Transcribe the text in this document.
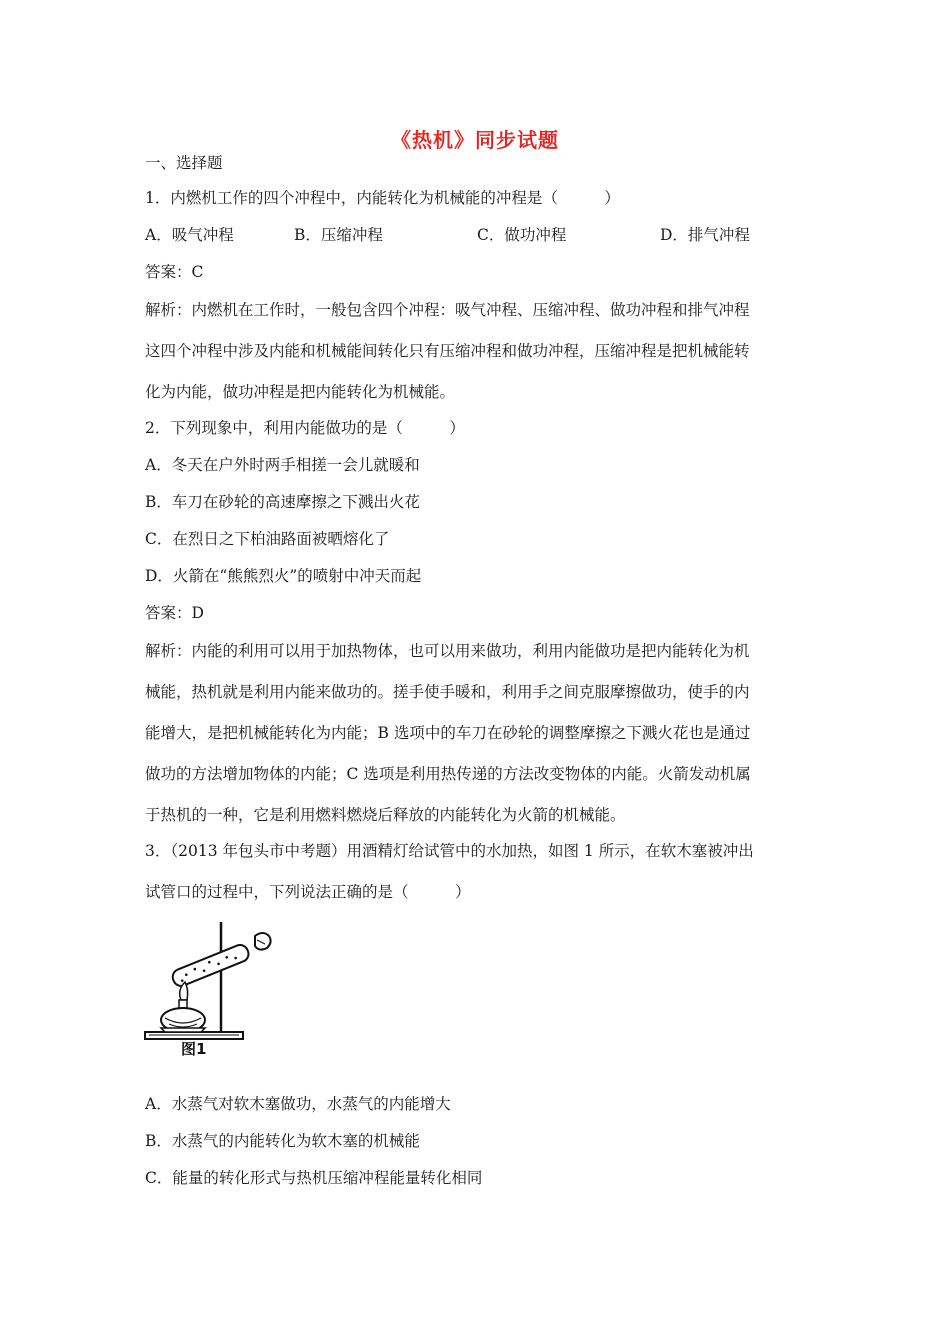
《热机》同步试题
一、选择题
1．内燃机工作的四个冲程中，内能转化为机械能的冲程是（　　　）
A．吸气冲程	B．压缩冲程	C．做功冲程	D．排气冲程
答案：C
解析：内燃机在工作时，一般包含四个冲程：吸气冲程、压缩冲程、做功冲程和排气冲程
这四个冲程中涉及内能和机械能间转化只有压缩冲程和做功冲程，压缩冲程是把机械能转
化为内能，做功冲程是把内能转化为机械能。
2．下列现象中，利用内能做功的是（　　　）
A．冬天在户外时两手相搓一会儿就暖和
B．车刀在砂轮的高速摩擦之下溅出火花
C．在烈日之下柏油路面被晒熔化了
D．火箭在“熊熊烈火”的喷射中冲天而起
答案：D
解析：内能的利用可以用于加热物体，也可以用来做功，利用内能做功是把内能转化为机
械能，热机就是利用内能来做功的。搓手使手暖和，利用手之间克服摩擦做功，使手的内
能增大，是把机械能转化为内能；B 选项中的车刀在砂轮的调整摩擦之下溅火花也是通过
做功的方法增加物体的内能；C 选项是利用热传递的方法改变物体的内能。火箭发动机属
于热机的一种，它是利用燃料燃烧后释放的内能转化为火箭的机械能。
3．（2013 年包头市中考题）用酒精灯给试管中的水加热，如图 1 所示，在软木塞被冲出
试管口的过程中，下列说法正确的是（　　　）
图1
A．水蒸气对软木塞做功，水蒸气的内能增大
B．水蒸气的内能转化为软木塞的机械能
C．能量的转化形式与热机压缩冲程能量转化相同
